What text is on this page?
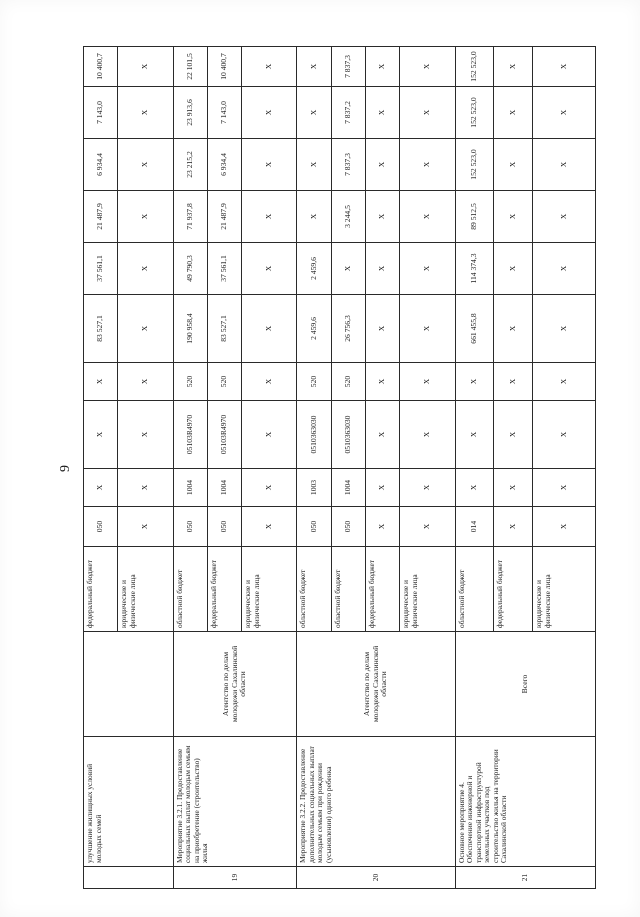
9
	улучшение жилищных условий молодых семей		федеральный бюджет	050	X	X	X	83 527,1	37 561,1	21 487,9	6 934,4	7 143,0	10 400,7
			юридические и физические лица	X	X	X	X	X	X	X	X	X	X
19	Мероприятие 3.2.1. Предоставление социальных выплат молодым семьям на приобретение (строительство) жилья	Агентство по делам молодежи Сахалинской области	областной бюджет	050	1004	05103R4970	520	190 958,4	49 790,3	71 937,8	23 215,2	23 913,6	22 101,5
			федеральный бюджет	050	1004	05103R4970	520	83 527,1	37 561,1	21 487,9	6 934,4	7 143,0	10 400,7
			юридические и физические лица	X	X	X	X	X	X	X	X	X	X
20	Мероприятие 3.2.2. Предоставление дополнительных социальных выплат молодым семьям при рождении (усыновлении) одного ребенка	Агентство по делам молодежи Сахалинской области	областной бюджет	050	1003	0510363030	520	2 459,6	2 459,6	X	X	X	X
			областной бюджет	050	1004	0510363030	520	26 756,3	X	3 244,5	7 837,3	7 837,2	7 837,3
			федеральный бюджет	X	X	X	X	X	X	X	X	X	X
			юридические и физические лица	X	X	X	X	X	X	X	X	X	X
21	Основное мероприятие 4. Обеспечение инженерной и транспортной инфраструктурой земельных участков под строительство жилья на территории Сахалинской области	Всего	областной бюджет	014	X	X	X	661 455,8	114 374,3	89 512,5	152 523,0	152 523,0	152 523,0
			федеральный бюджет	X	X	X	X	X	X	X	X	X	X
			юридические и физические лица	X	X	X	X	X	X	X	X	X	X
